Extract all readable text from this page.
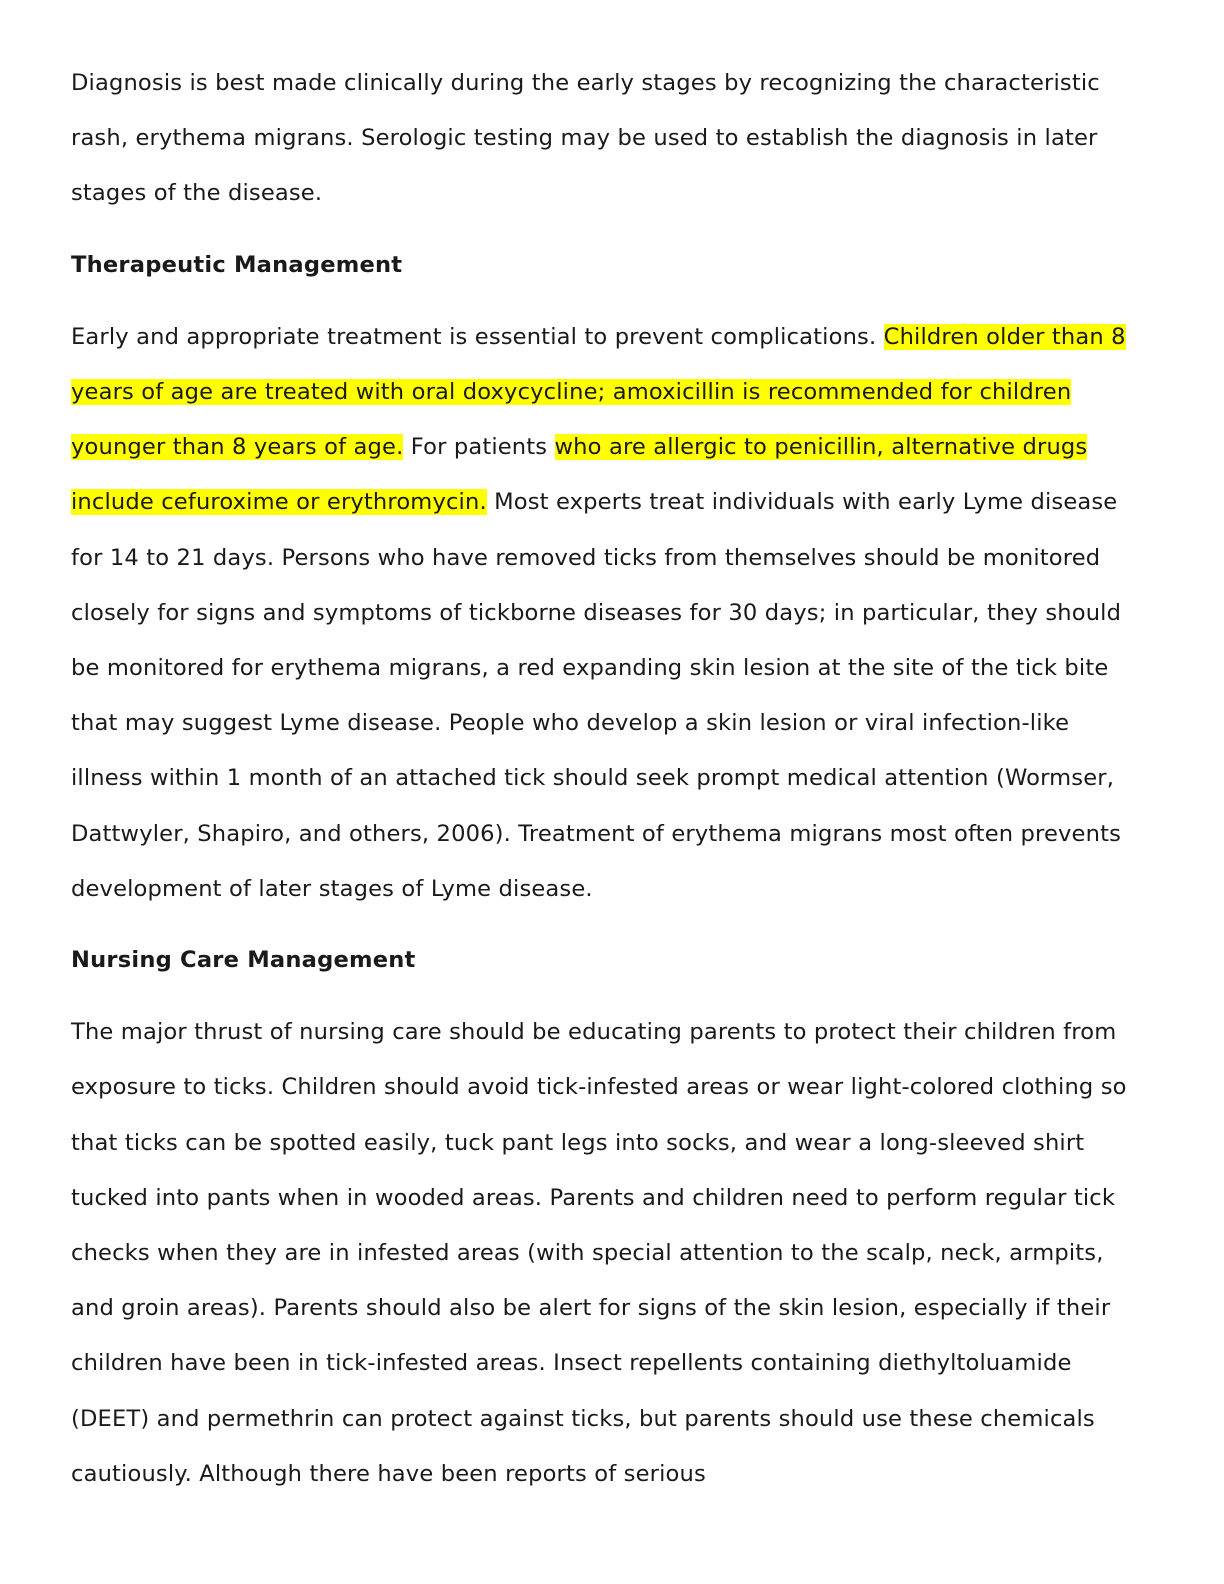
Diagnosis is best made clinically during the early stages by recognizing the characteristic rash, erythema migrans. Serologic testing may be used to establish the diagnosis in later stages of the disease.

Therapeutic Management

Early and appropriate treatment is essential to prevent complications. Children older than 8 years of age are treated with oral doxycycline; amoxicillin is recommended for children younger than 8 years of age. For patients who are allergic to penicillin, alternative drugs include cefuroxime or erythromycin. Most experts treat individuals with early Lyme disease for 14 to 21 days. Persons who have removed ticks from themselves should be monitored closely for signs and symptoms of tickborne diseases for 30 days; in particular, they should be monitored for erythema migrans, a red expanding skin lesion at the site of the tick bite that may suggest Lyme disease. People who develop a skin lesion or viral infection-like illness within 1 month of an attached tick should seek prompt medical attention (Wormser, Dattwyler, Shapiro, and others, 2006). Treatment of erythema migrans most often prevents development of later stages of Lyme disease.

Nursing Care Management

The major thrust of nursing care should be educating parents to protect their children from exposure to ticks. Children should avoid tick-infested areas or wear light-colored clothing so that ticks can be spotted easily, tuck pant legs into socks, and wear a long-sleeved shirt tucked into pants when in wooded areas. Parents and children need to perform regular tick checks when they are in infested areas (with special attention to the scalp, neck, armpits, and groin areas). Parents should also be alert for signs of the skin lesion, especially if their children have been in tick-infested areas. Insect repellents containing diethyltoluamide (DEET) and permethrin can protect against ticks, but parents should use these chemicals cautiously. Although there have been reports of serious
